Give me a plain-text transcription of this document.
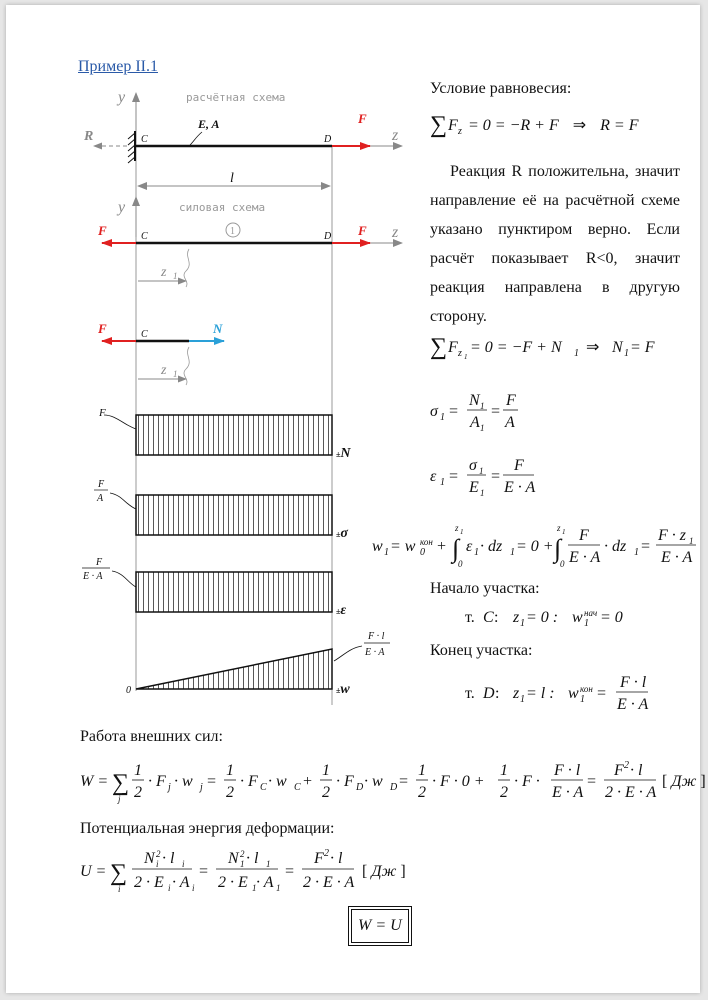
Пример II.1
y	расчётная схема
R	z
F
C	D
E, A
l
y	силовая схема
1	z
F	F
C	D
z 1
F	N
C
z 1
F
±N
F
A
±σ
F
E · A
±ε
0
F · l
E · A
±w
Условие равновесия:
∑ F z = 0 = −R + F ⇒ R = F
∑ F z 1
= 0 = −F + N 1 ⇒ N 1 = F
σ 1 =
N 1
A 1
=
F
A
ε 1 =
σ 1
E 1
=
F
E · A
w 1 = w 0
кон + ∫
z 1
0
ε 1 · dz 1 = 0 + ∫
z 1
0
F
E · A
· dz 1 =
F · z 1
E · A
т. C : z 1 = 0 : w 1
нач = 0
т. D : z 1 = l : w 1
кон =
F · l
E · A
W = ∑
j
1
2
· F j · w j =
1
2
· F C · w C +
1
2
· F D · w D =
1
2
· F · 0 +
1
2
· F ·
F · l
E · A
=
F 2 · l
2 · E · A
[ Дж ]
U = ∑
i
N i
2 · l i
2 · E i · A i
=
N 1
2 · l 1
2 · E 1 · A 1
=
F 2 · l
2 · E · A
[ Дж ]
W = U
Реакция R положительна, значит направление её на расчётной схеме указано пунктиром верно. Если расчёт показывает R<0, значит реакция направлена в другую сторону.
Начало участка:
Конец участка:
Работа внешних сил:
Потенциальная энергия деформации:
